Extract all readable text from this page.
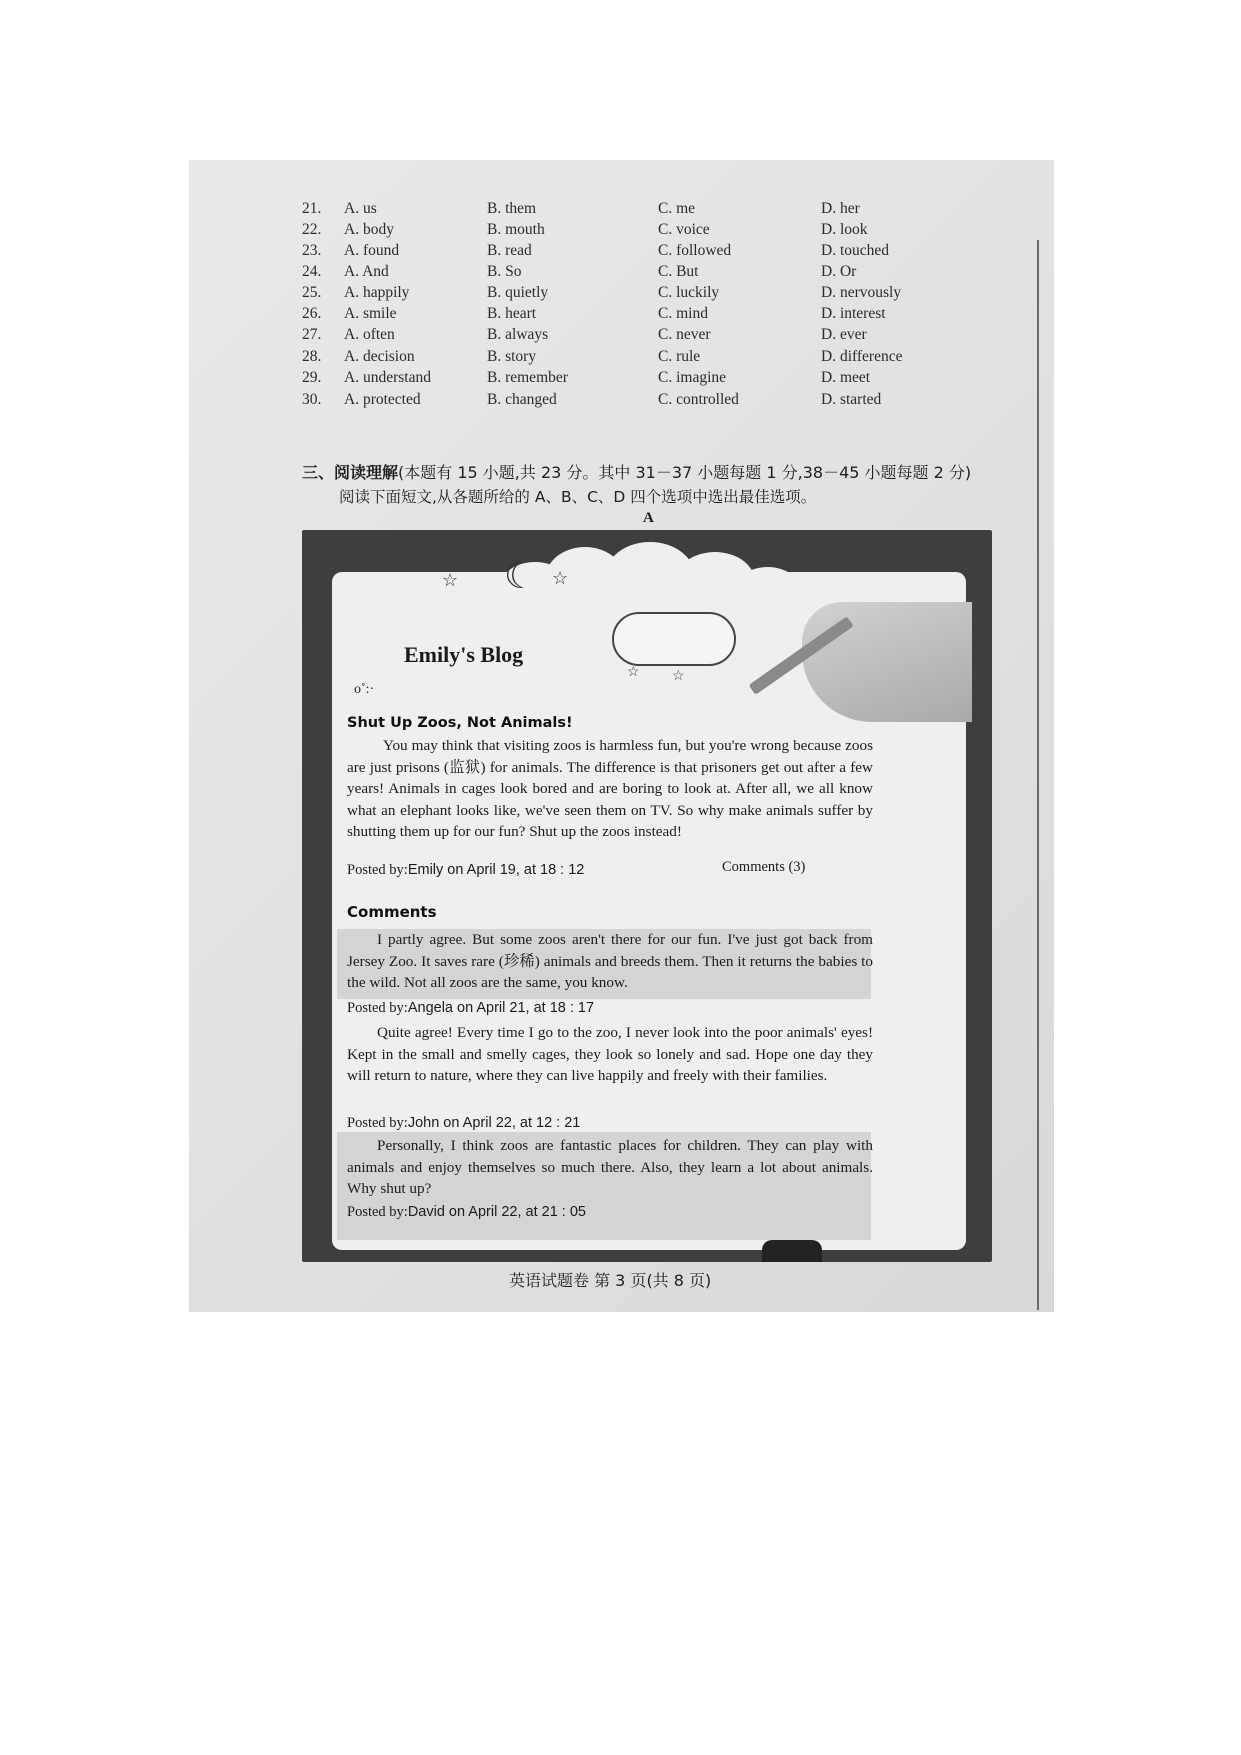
21. A. us	B. them	C. me	D. her
22. A. body	B. mouth	C. voice	D. look
23. A. found	B. read	C. followed	D. touched
24. A. And	B. So	C. But	D. Or
25. A. happily	B. quietly	C. luckily	D. nervously
26. A. smile	B. heart	C. mind	D. interest
27. A. often	B. always	C. never	D. ever
28. A. decision	B. story	C. rule	D. difference
29. A. understand	B. remember	C. imagine	D. meet
30. A. protected	B. changed	C. controlled	D. started
三、阅读理解(本题有 15 小题,共 23 分。其中 31－37 小题每题 1 分,38－45 小题每题 2 分)
阅读下面短文,从各题所给的 A、B、C、D 四个选项中选出最佳选项。
A
☆	☆
☾
☆ ☆
Emily's Blog
o˚:·
Shut Up Zoos, Not Animals!
You may think that visiting zoos is harmless fun, but you're wrong because zoos are just prisons (监狱) for animals. The difference is that prisoners get out after a few years! Animals in cages look bored and are boring to look at. After all, we all know what an elephant looks like, we've seen them on TV. So why make animals suffer by shutting them up for our fun? Shut up the zoos instead!
Posted by:Emily on April 19, at 18 : 12	Comments (3)
Comments
I partly agree. But some zoos aren't there for our fun. I've just got back from Jersey Zoo. It saves rare (珍稀) animals and breeds them. Then it returns the babies to the wild. Not all zoos are the same, you know.
Posted by:Angela on April 21, at 18 : 17
Quite agree! Every time I go to the zoo, I never look into the poor animals' eyes! Kept in the small and smelly cages, they look so lonely and sad. Hope one day they will return to nature, where they can live happily and freely with their families.
Posted by:John on April 22, at 12 : 21
Personally, I think zoos are fantastic places for children. They can play with animals and enjoy themselves so much there. Also, they learn a lot about animals. Why shut up?
Posted by:David on April 22, at 21 : 05
英语试题卷 第 3 页(共 8 页)
